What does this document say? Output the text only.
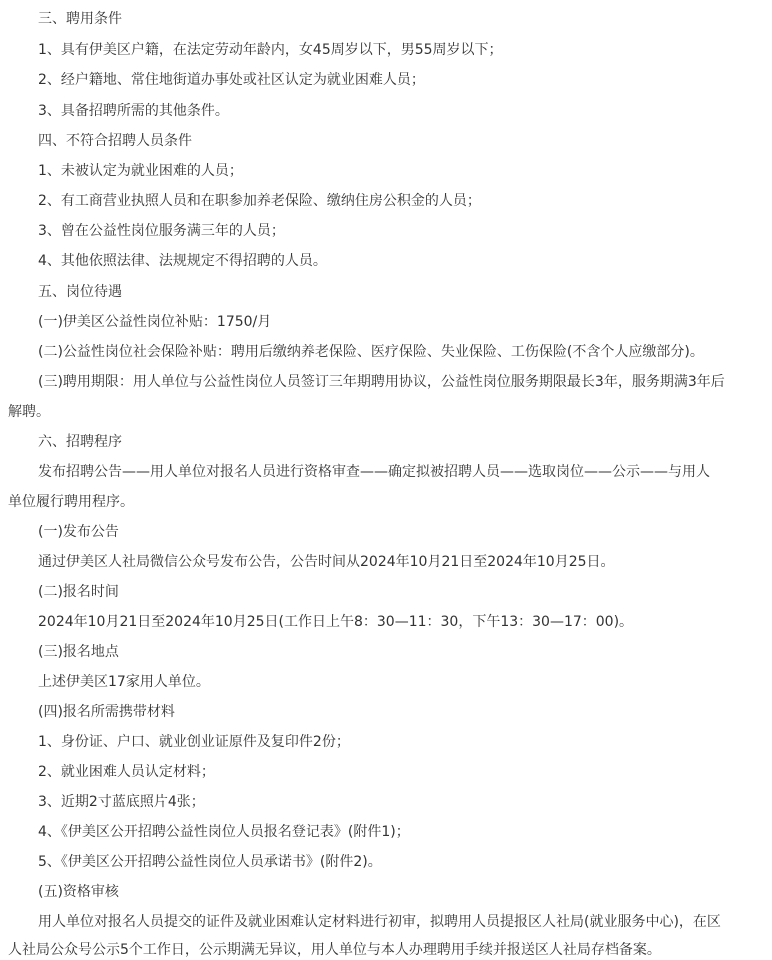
三、聘用条件
1、具有伊美区户籍，在法定劳动年龄内，女45周岁以下，男55周岁以下；
2、经户籍地、常住地街道办事处或社区认定为就业困难人员；
3、具备招聘所需的其他条件。
四、不符合招聘人员条件
1、未被认定为就业困难的人员；
2、有工商营业执照人员和在职参加养老保险、缴纳住房公积金的人员；
3、曾在公益性岗位服务满三年的人员；
4、其他依照法律、法规规定不得招聘的人员。
五、岗位待遇
(一)伊美区公益性岗位补贴：1750/月
(二)公益性岗位社会保险补贴：聘用后缴纳养老保险、医疗保险、失业保险、工伤保险(不含个人应缴部分)。
(三)聘用期限：用人单位与公益性岗位人员签订三年期聘用协议，公益性岗位服务期限最长3年，服务期满3年后
解聘。
六、招聘程序
发布招聘公告——用人单位对报名人员进行资格审查——确定拟被招聘人员——选取岗位——公示——与用人
单位履行聘用程序。
(一)发布公告
通过伊美区人社局微信公众号发布公告，公告时间从2024年10月21日至2024年10月25日。
(二)报名时间
2024年10月21日至2024年10月25日(工作日上午8：30—11：30，下午13：30—17：00)。
(三)报名地点
上述伊美区17家用人单位。
(四)报名所需携带材料
1、身份证、户口、就业创业证原件及复印件2份；
2、就业困难人员认定材料；
3、近期2寸蓝底照片4张；
4、《伊美区公开招聘公益性岗位人员报名登记表》(附件1)；
5、《伊美区公开招聘公益性岗位人员承诺书》(附件2)。
(五)资格审核
用人单位对报名人员提交的证件及就业困难认定材料进行初审，拟聘用人员提报区人社局(就业服务中心)，在区
人社局公众号公示5个工作日，公示期满无异议，用人单位与本人办理聘用手续并报送区人社局存档备案。
